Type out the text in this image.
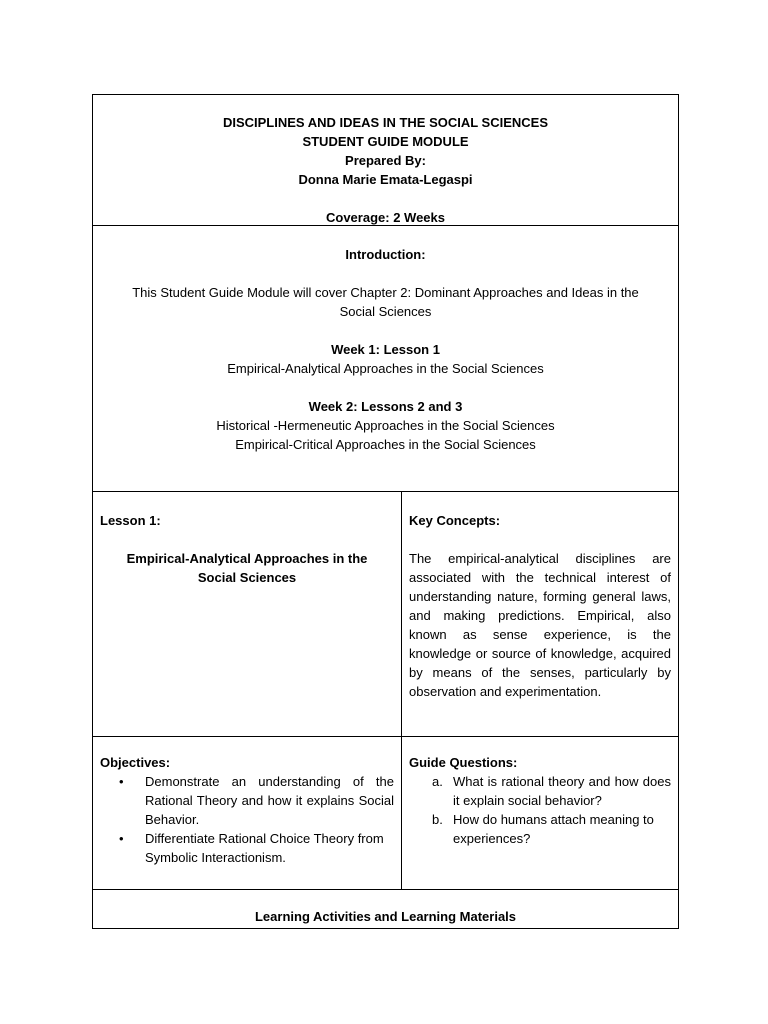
DISCIPLINES AND IDEAS IN THE SOCIAL SCIENCES

STUDENT GUIDE MODULE

Prepared By:

Donna Marie Emata-Legaspi

Coverage: 2 Weeks

Introduction:

This Student Guide Module will cover Chapter 2: Dominant Approaches and Ideas in the Social Sciences

Week 1: Lesson 1

Empirical-Analytical Approaches in the Social Sciences

Week 2: Lessons 2 and 3

Historical -Hermeneutic Approaches in the Social Sciences

Empirical-Critical Approaches in the Social Sciences

Lesson 1:

Empirical-Analytical Approaches in the Social Sciences

Key Concepts:

The empirical-analytical disciplines are associated with the technical interest of understanding nature, forming general laws, and making predictions. Empirical, also known as sense experience, is the knowledge or source of knowledge, acquired by means of the senses, particularly by observation and experimentation.

Objectives:

• Demonstrate an understanding of the Rational Theory and how it explains Social Behavior.
• Differentiate Rational Choice Theory from Symbolic Interactionism.

Guide Questions:

a. What is rational theory and how does it explain social behavior?
b. How do humans attach meaning to experiences?

Learning Activities and Learning Materials
